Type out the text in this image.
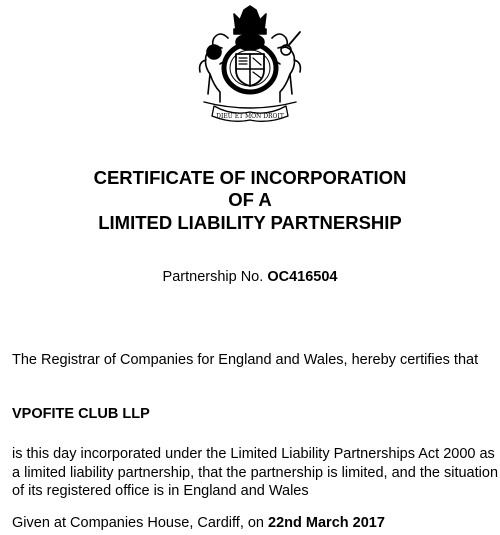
DIEU ET MON DROIT
CERTIFICATE OF INCORPORATION
OF A
LIMITED LIABILITY PARTNERSHIP
Partnership No. OC416504
The Registrar of Companies for England and Wales, hereby certifies that
VPOFITE CLUB LLP
is this day incorporated under the Limited Liability Partnerships Act 2000 as a limited liability partnership, that the partnership is limited, and the situation of its registered office is in England and Wales
Given at Companies House, Cardiff, on 22nd March 2017
